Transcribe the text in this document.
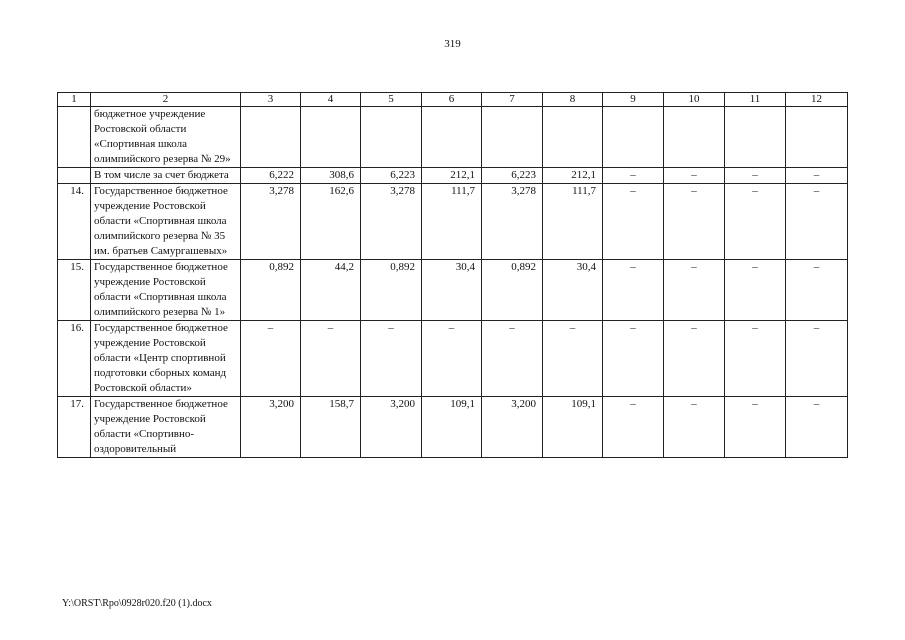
319
1	2	3	4	5	6	7	8	9	10	11	12
	бюджетное учреждение Ростовской области «Спортивная школа олимпийского резерва № 29»										
	В том числе за счет бюджета	6,222	308,6	6,223	212,1	6,223	212,1	–	–	–	–
14.	Государственное бюджетное учреждение Ростовской области «Спортивная школа олимпийского резерва № 35 им. братьев Самургашевых»	3,278	162,6	3,278	111,7	3,278	111,7	–	–	–	–
15.	Государственное бюджетное учреждение Ростовской области «Спортивная школа олимпийского резерва № 1»	0,892	44,2	0,892	30,4	0,892	30,4	–	–	–	–
16.	Государственное бюджетное учреждение Ростовской области «Центр спортивной подготовки сборных команд Ростовской области»	–	–	–	–	–	–	–	–	–	–
17.	Государственное бюджетное учреждение Ростовской области «Спортивно-оздоровительный	3,200	158,7	3,200	109,1	3,200	109,1	–	–	–	–
Y:\ORST\Rpo\0928r020.f20 (1).docx
